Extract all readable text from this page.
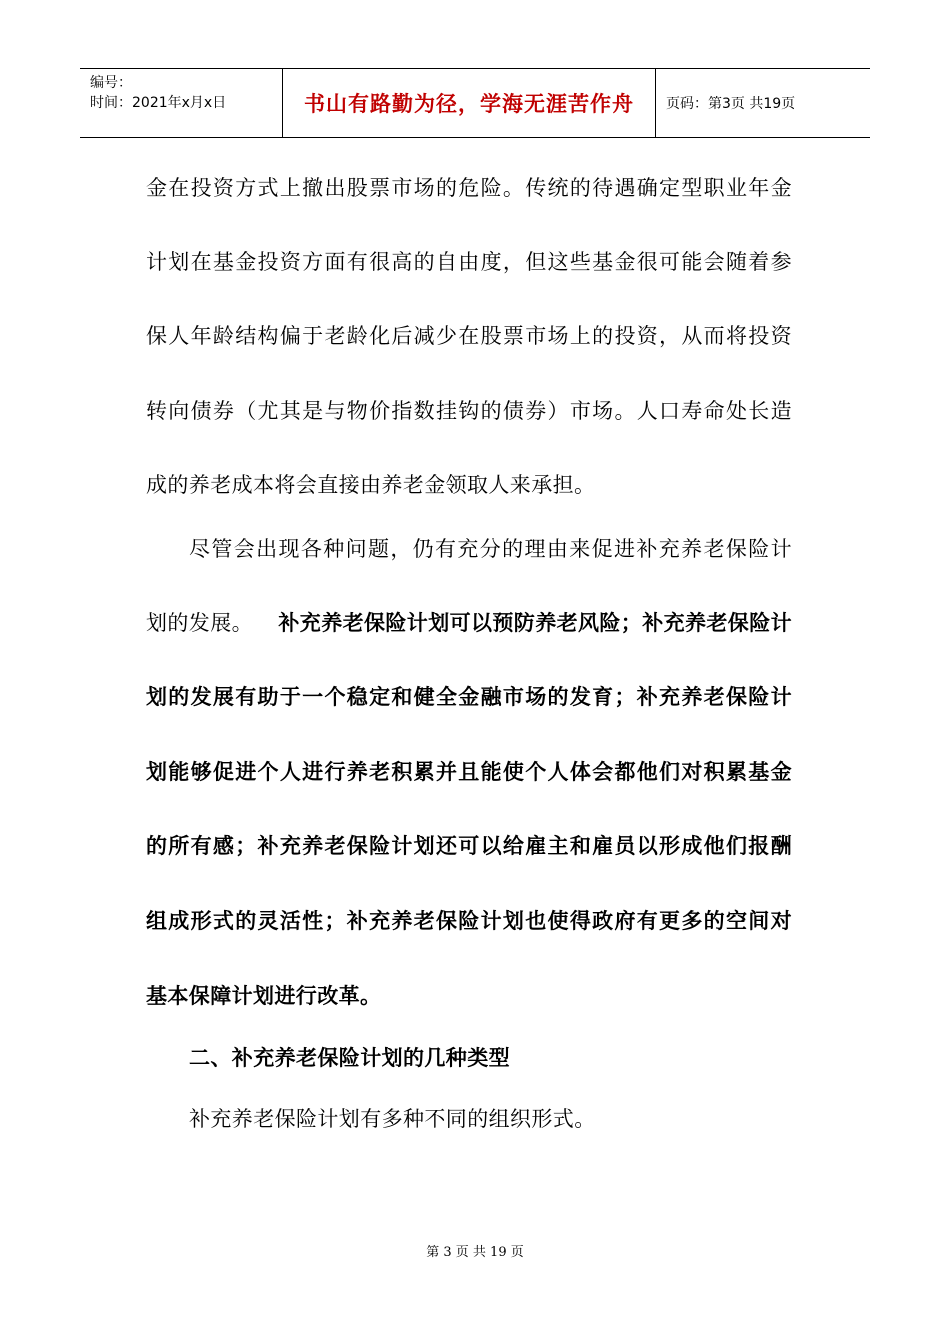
编号：
时间：2021年x月x日	书山有路勤为径，学海无涯苦作舟	页码：第3页 共19页
金在投资方式上撤出股票市场的危险。传统的待遇确定型职业年金
计划在基金投资方面有很高的自由度，但这些基金很可能会随着参
保人年龄结构偏于老龄化后减少在股票市场上的投资，从而将投资
转向债券（尤其是与物价指数挂钩的债券）市场。人口寿命处长造
成的养老成本将会直接由养老金领取人来承担。
尽管会出现各种问题，仍有充分的理由来促进补充养老保险计
划的发展。 补充养老保险计划可以预防养老风险；补充养老保险计
划的发展有助于一个稳定和健全金融市场的发育；补充养老保险计
划能够促进个人进行养老积累并且能使个人体会都他们对积累基金
的所有感；补充养老保险计划还可以给雇主和雇员以形成他们报酬
组成形式的灵活性；补充养老保险计划也使得政府有更多的空间对
基本保障计划进行改革。
二、补充养老保险计划的几种类型
补充养老保险计划有多种不同的组织形式。
第 3 页 共 19 页
